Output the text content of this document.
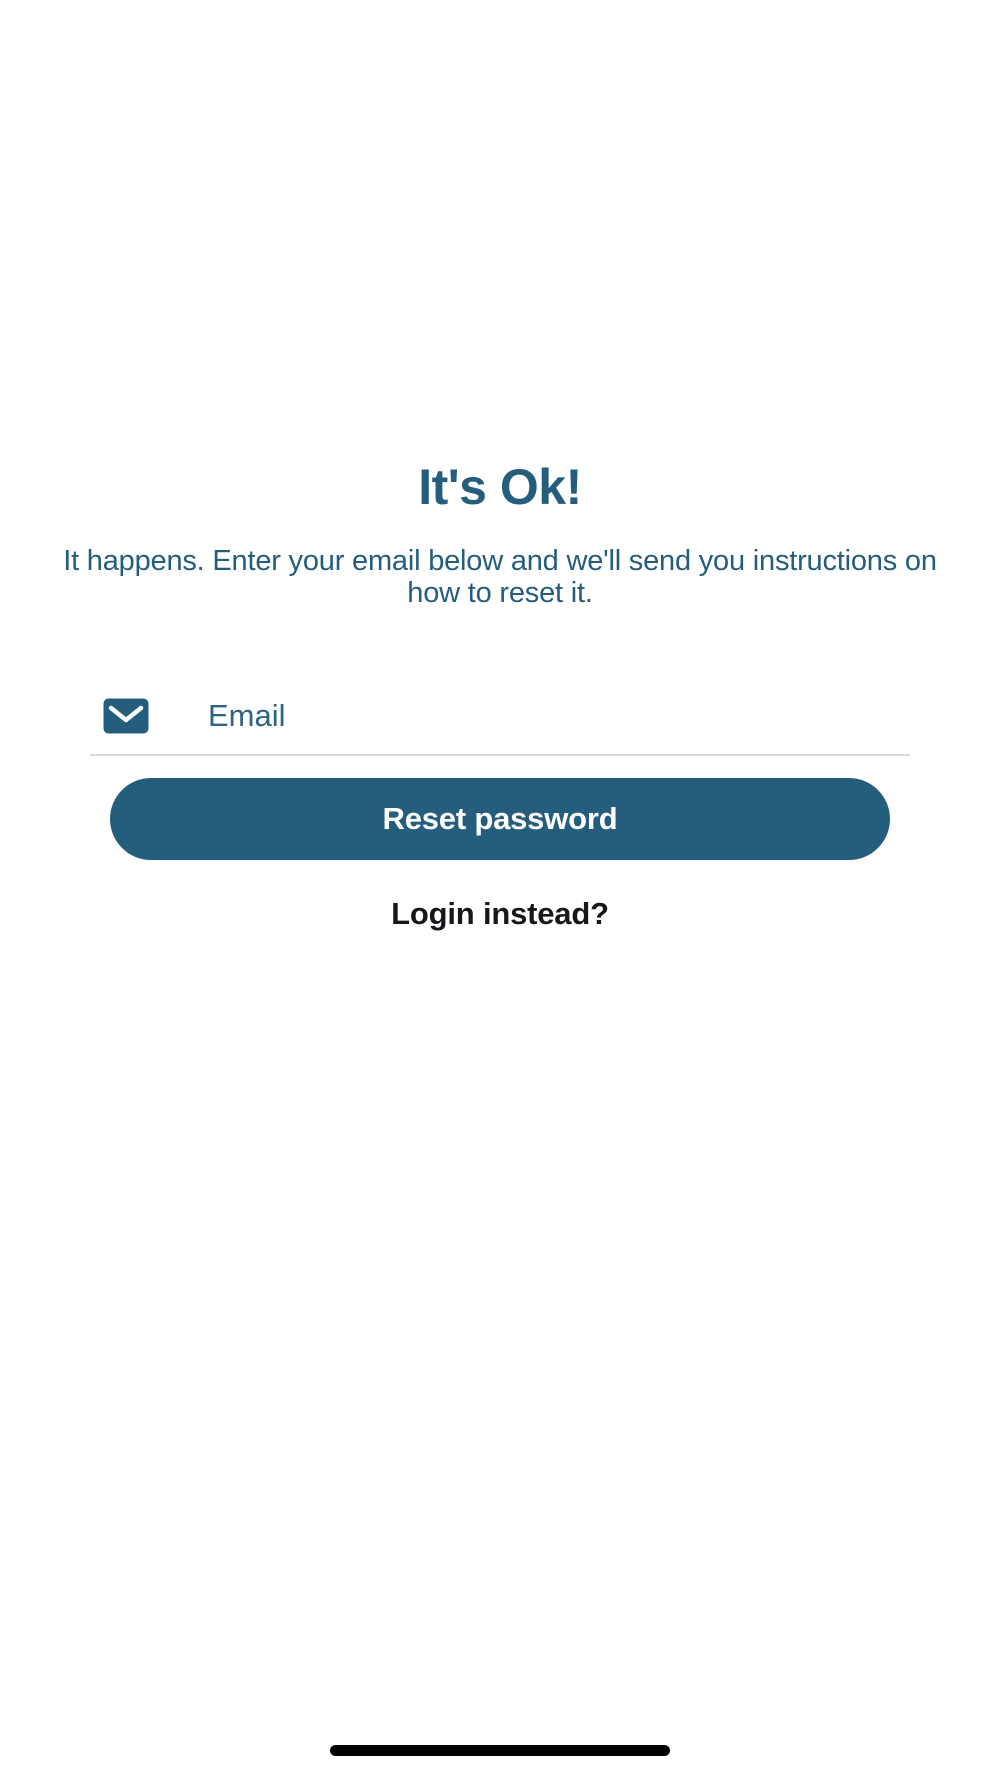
It's Ok!

It happens. Enter your email below and we'll send you instructions on how to reset it.

Email
Reset password
Login instead?
